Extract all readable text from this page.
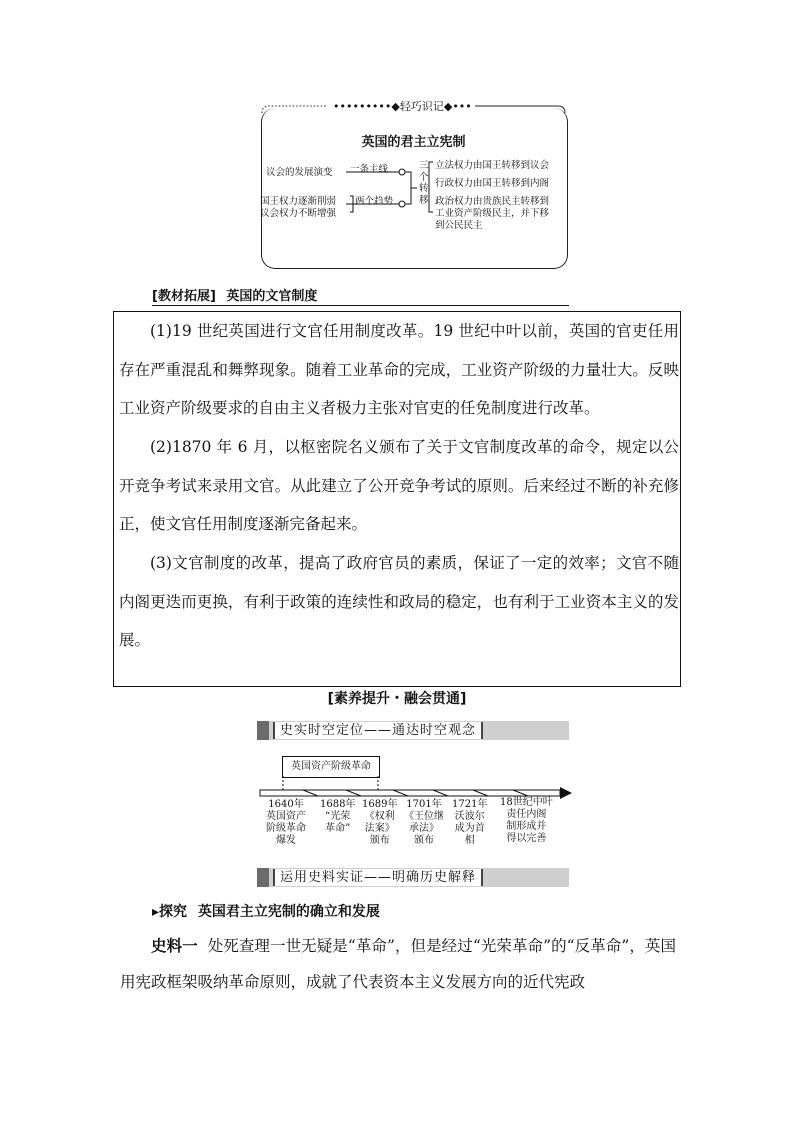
•••••••••◆轻巧识记◆•••
英国的君主立宪制
议会的发展演变 一条主线
国王权力逐渐削弱
议会权力不断增强
两个趋势
三个转移
立法权力由国王转移到议会
行政权力由国王转移到内阁
政治权力由贵族民主转移到
工业资产阶级民主，并下移
到公民民主
[教材拓展] 英国的文官制度
(1)19 世纪英国进行文官任用制度改革。19 世纪中叶以前，英国的官吏任用存在严重混乱和舞弊现象。随着工业革命的完成，工业资产阶级的力量壮大。反映工业资产阶级要求的自由主义者极力主张对官吏的任免制度进行改革。
(2)1870 年 6 月，以枢密院名义颁布了关于文官制度改革的命令，规定以公开竞争考试来录用文官。从此建立了公开竞争考试的原则。后来经过不断的补充修正，使文官任用制度逐渐完备起来。
(3)文官制度的改革，提高了政府官员的素质，保证了一定的效率；文官不随内阁更迭而更换，有利于政策的连续性和政局的稳定，也有利于工业资本主义的发展。
[素养提升・融会贯通]
史实时空定位——通达时空观念
英国资产阶级革命
1640年
英国资产
阶级革命
爆发
1688年
“光荣
革命”
1689年
《权利
法案》
颁布
1701年
《王位继
承法》
颁布
1721年
沃波尔
成为首
相
18世纪中叶
责任内阁
制形成并
得以完善
运用史料实证——明确历史解释
▸探究 英国君主立宪制的确立和发展
史料一 处死查理一世无疑是“革命”，但是经过“光荣革命”的“反革命”，英国用宪政框架吸纳革命原则，成就了代表资本主义发展方向的近代宪政
